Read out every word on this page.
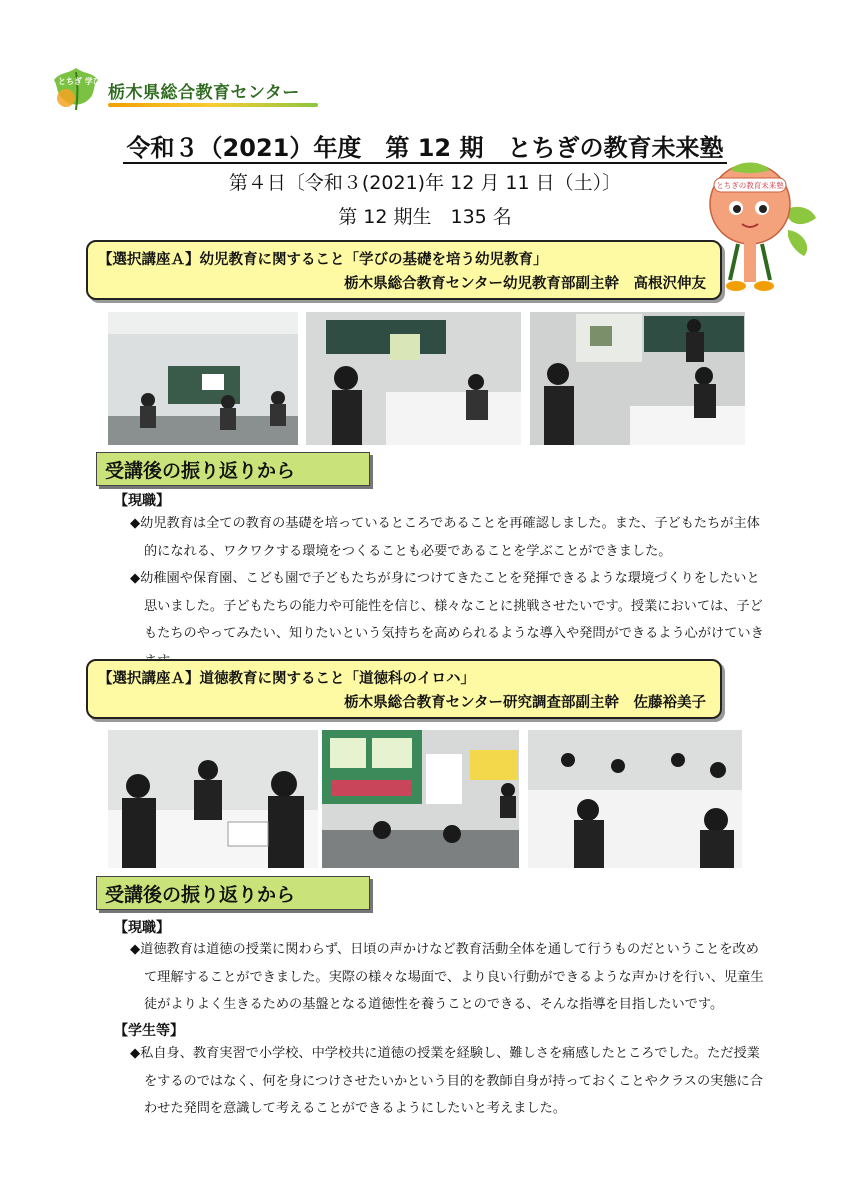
とちぎ 学びの杜
栃木県総合教育センター
令和３（2021）年度　第 12 期　とちぎの教育未来塾
第４日〔令和３(2021)年 12 月 11 日（土）〕
第 12 期生　135 名
とちぎの教育未来塾
【選択講座Ａ】幼児教育に関すること「学びの基礎を培う幼児教育」
栃木県総合教育センター幼児教育部副主幹　高根沢伸友
受講後の振り返りから
【現職】
◆幼児教育は全ての教育の基礎を培っているところであることを再確認しました。また、子どもたちが主体的になれる、ワクワクする環境をつくることも必要であることを学ぶことができました。
◆幼稚園や保育園、こども園で子どもたちが身につけてきたことを発揮できるような環境づくりをしたいと思いました。子どもたちの能力や可能性を信じ、様々なことに挑戦させたいです。授業においては、子どもたちのやってみたい、知りたいという気持ちを高められるような導入や発問ができるよう心がけていき
【選択講座Ａ】道徳教育に関すること「道徳科のイロハ」
栃木県総合教育センター研究調査部副主幹　佐藤裕美子
受講後の振り返りから
【現職】
◆道徳教育は道徳の授業に関わらず、日頃の声かけなど教育活動全体を通して行うものだということを改めて理解することができました。実際の様々な場面で、より良い行動ができるような声かけを行い、児童生徒がよりよく生きるための基盤となる道徳性を養うことのできる、そんな指導を目指したいです。
【学生等】
◆私自身、教育実習で小学校、中学校共に道徳の授業を経験し、難しさを痛感したところでした。ただ授業をするのではなく、何を身につけさせたいかという目的を教師自身が持っておくことやクラスの実態に合わせた発問を意識して考えることができるようにしたいと考えました。
